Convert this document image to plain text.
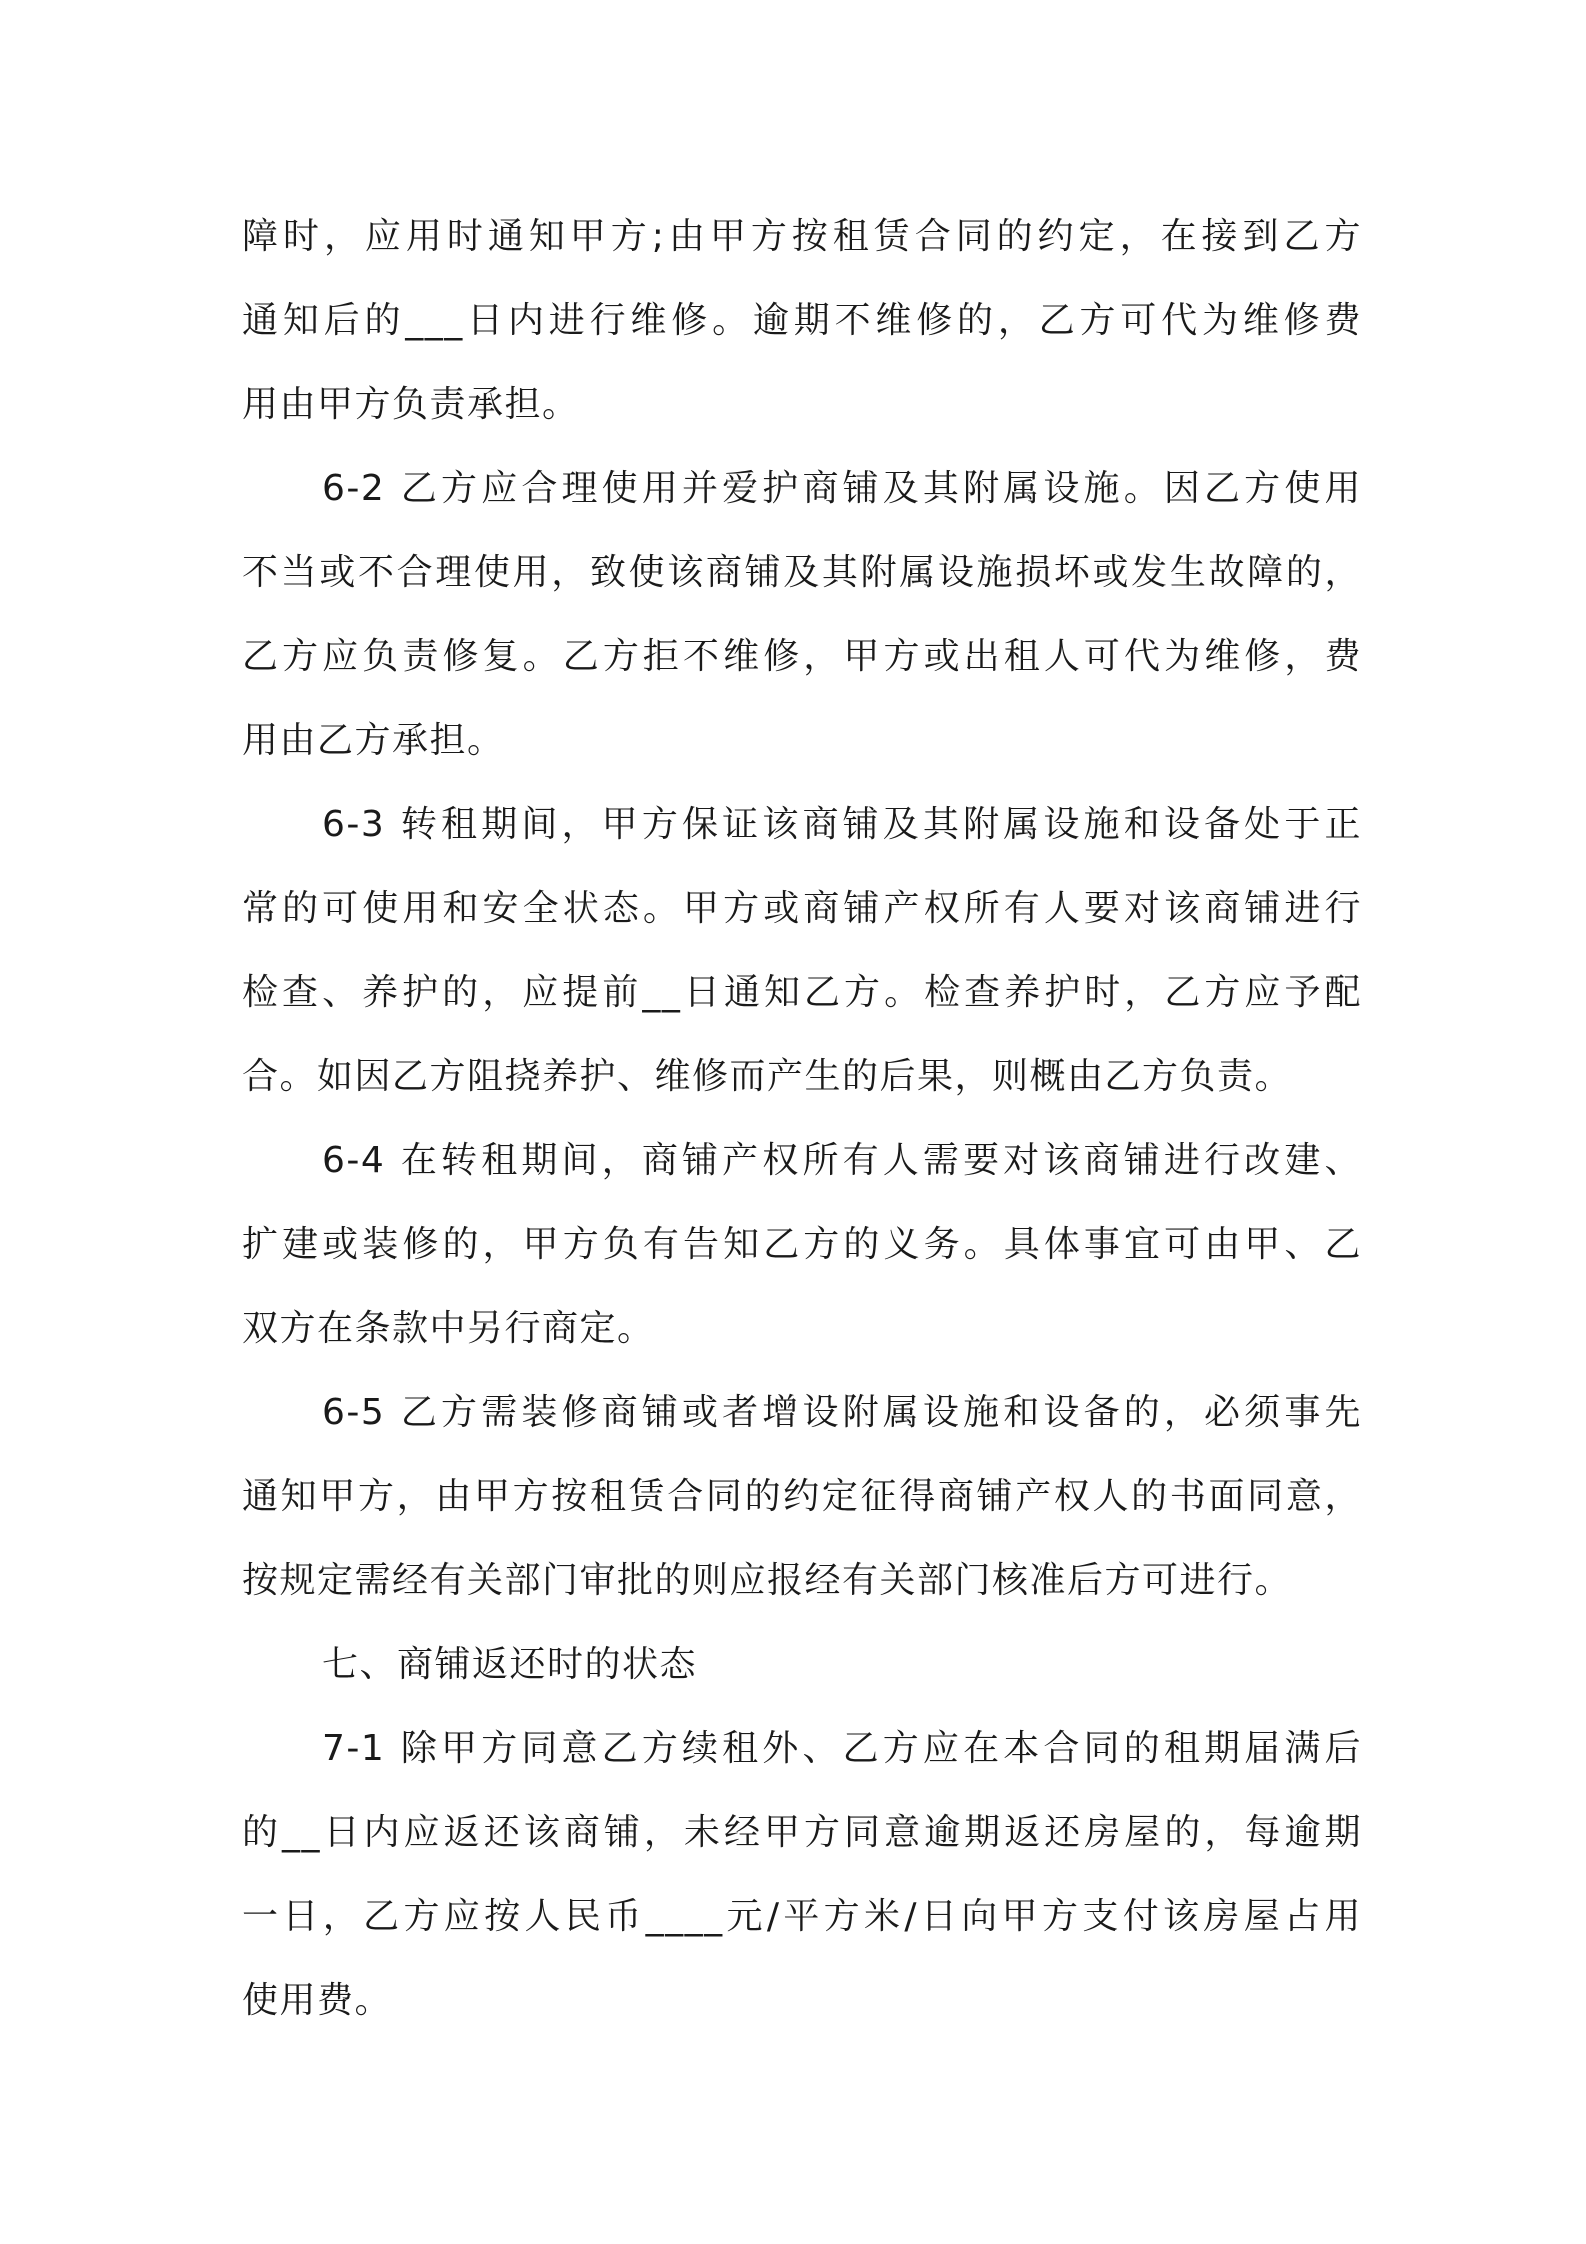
障时，应用时通知甲方;由甲方按租赁合同的约定，在接到乙方
通知后的___日内进行维修。逾期不维修的，乙方可代为维修费
用由甲方负责承担。
6-2 乙方应合理使用并爱护商铺及其附属设施。因乙方使用
不当或不合理使用，致使该商铺及其附属设施损坏或发生故障的，
乙方应负责修复。乙方拒不维修，甲方或出租人可代为维修，费
用由乙方承担。
6-3 转租期间，甲方保证该商铺及其附属设施和设备处于正
常的可使用和安全状态。甲方或商铺产权所有人要对该商铺进行
检查、养护的，应提前__日通知乙方。检查养护时，乙方应予配
合。如因乙方阻挠养护、维修而产生的后果，则概由乙方负责。
6-4 在转租期间，商铺产权所有人需要对该商铺进行改建、
扩建或装修的，甲方负有告知乙方的义务。具体事宜可由甲、乙
双方在条款中另行商定。
6-5 乙方需装修商铺或者增设附属设施和设备的，必须事先
通知甲方，由甲方按租赁合同的约定征得商铺产权人的书面同意，
按规定需经有关部门审批的则应报经有关部门核准后方可进行。
七、商铺返还时的状态
7-1 除甲方同意乙方续租外、乙方应在本合同的租期届满后
的__日内应返还该商铺，未经甲方同意逾期返还房屋的，每逾期
一日，乙方应按人民币____元/平方米/日向甲方支付该房屋占用
使用费。
